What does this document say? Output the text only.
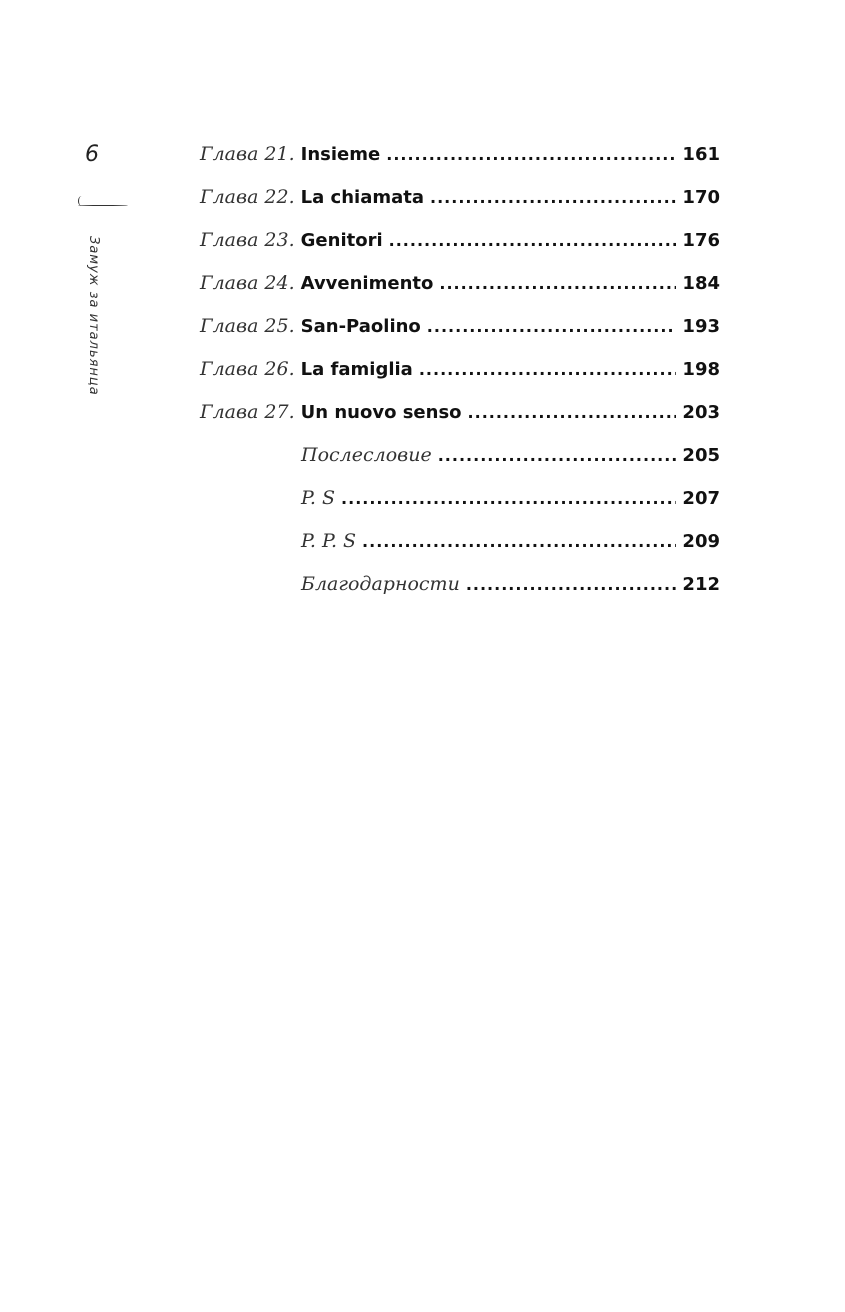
6
Замуж за итальянца
Глава 21. Insieme .....	161
Глава 22. La chiamata .....	170
Глава 23. Genitori .....	176
Глава 24. Avvenimento .....	184
Глава 25. San-Paolino .....	193
Глава 26. La famiglia .....	198
Глава 27. Un nuovo senso .....	203
Послесловие .....	205
P. S .....	207
P. P. S .....	209
Благодарности .....	212
